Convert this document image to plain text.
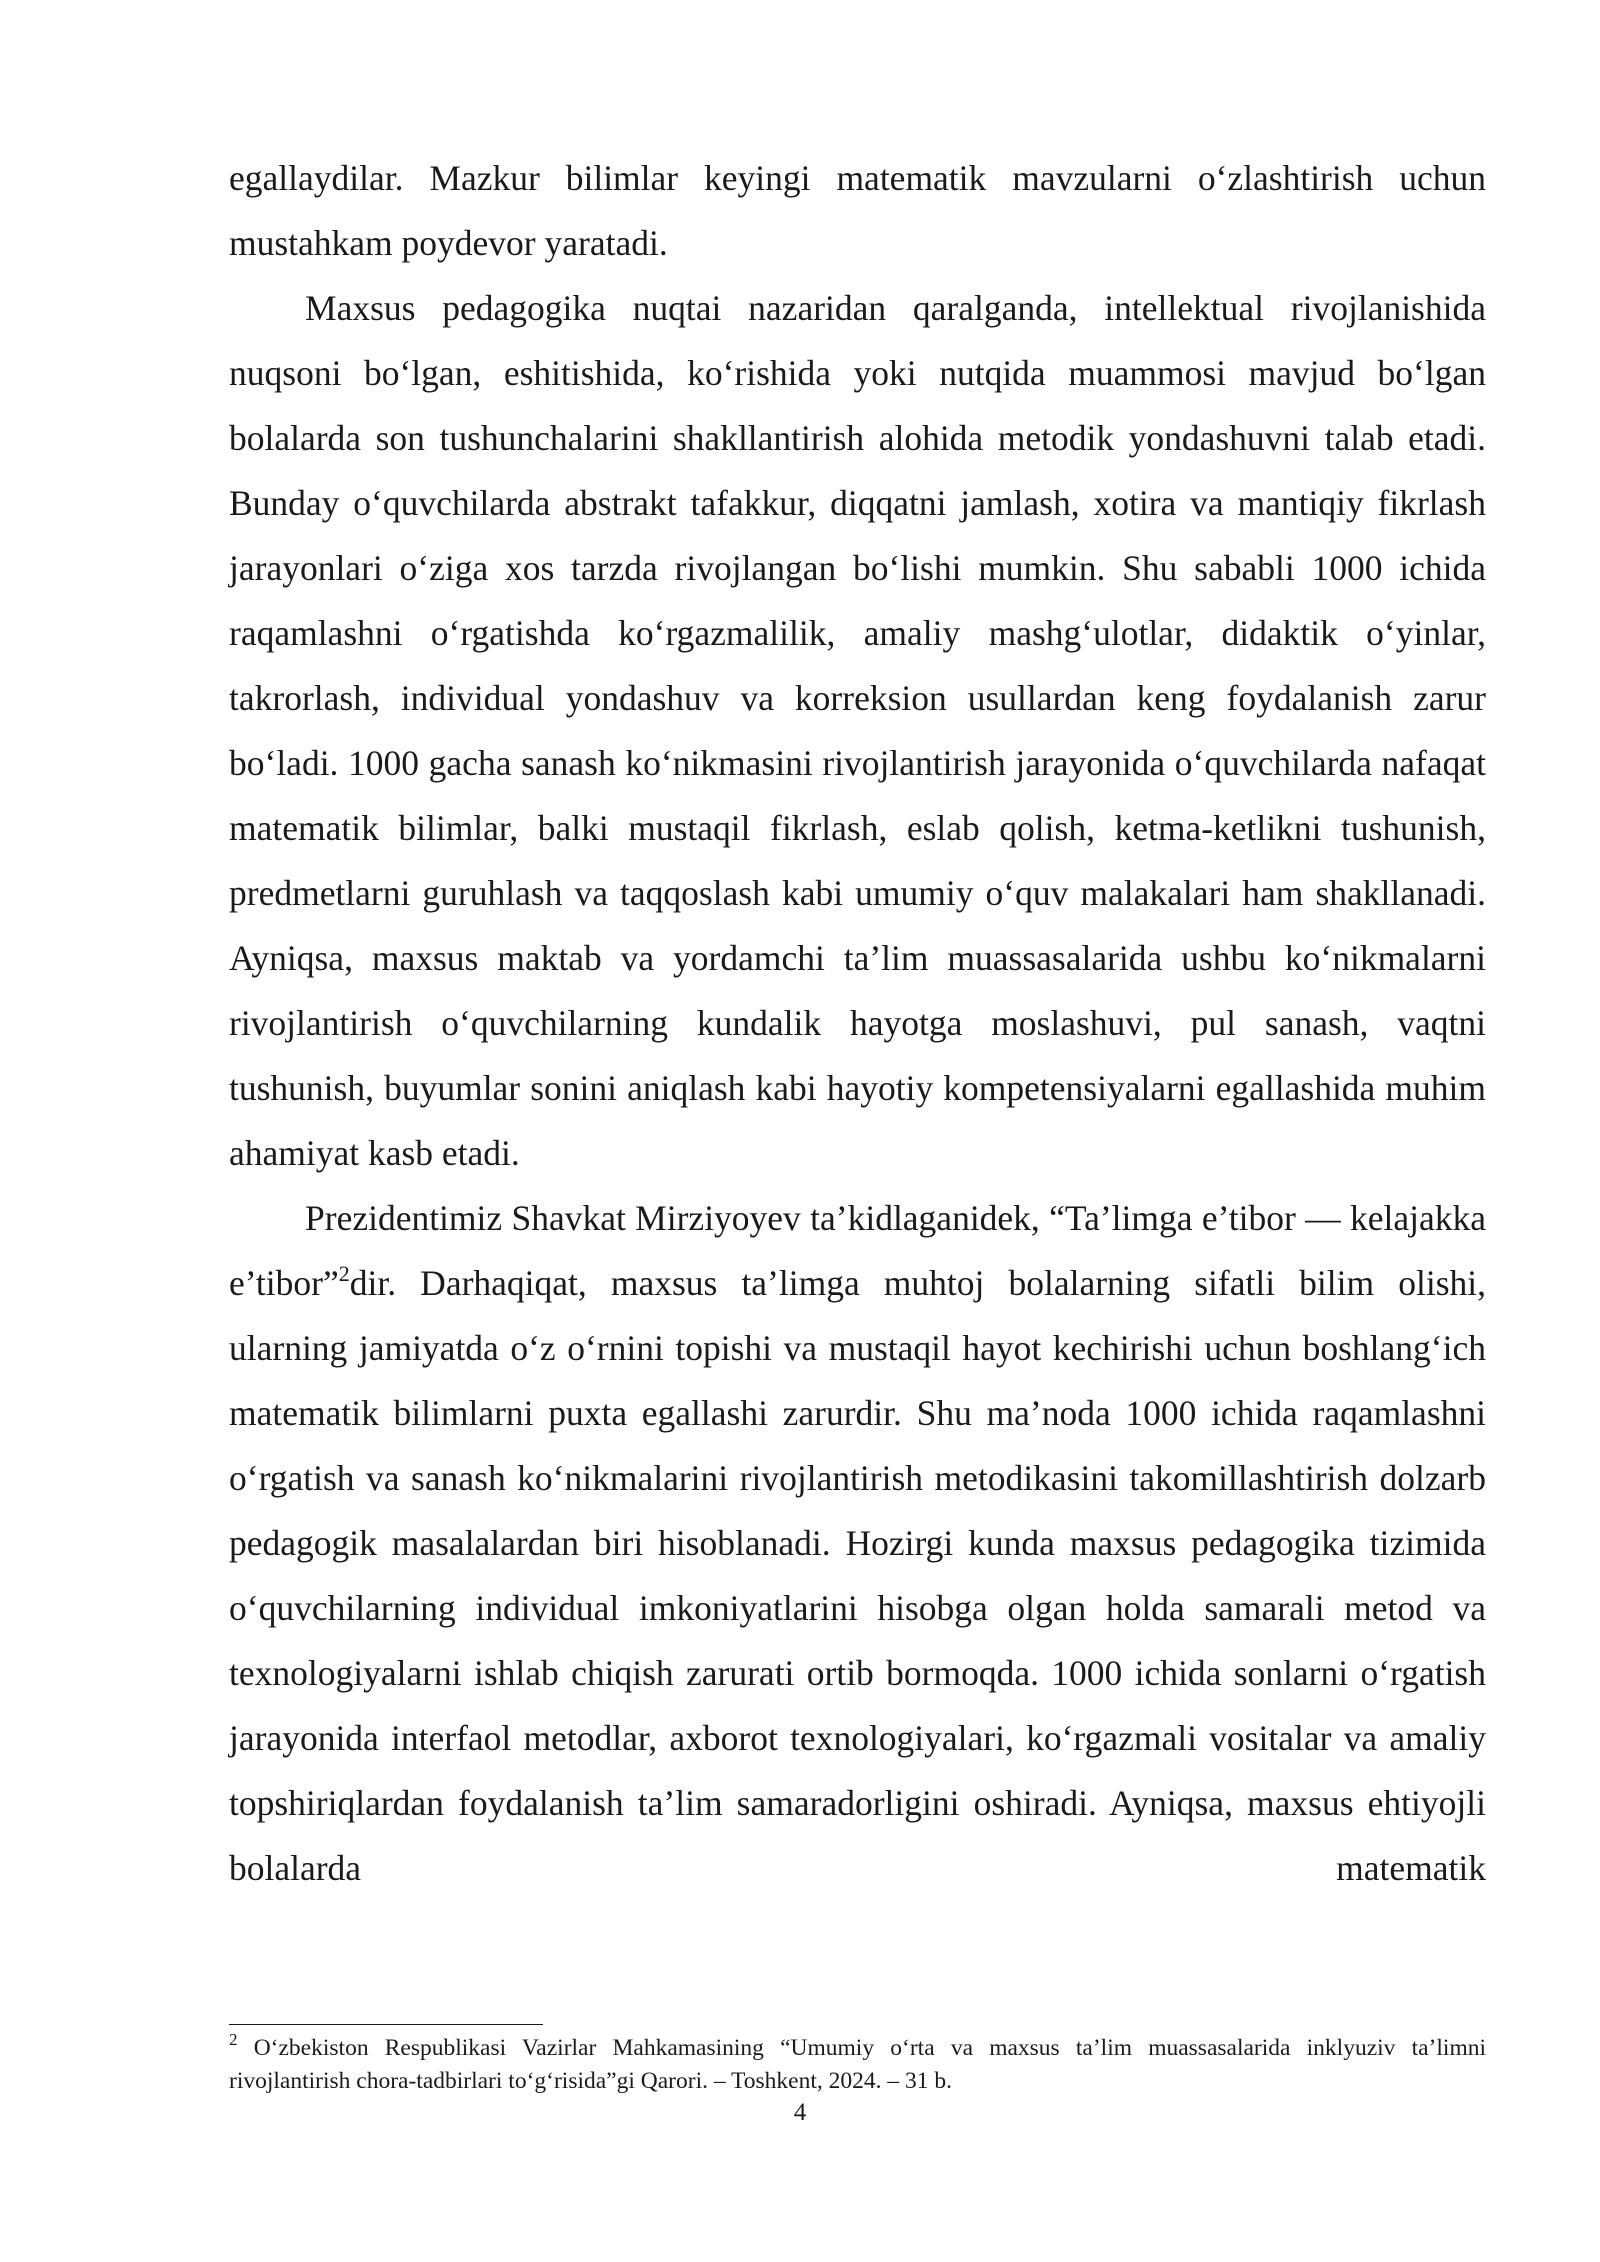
egallaydilar. Mazkur bilimlar keyingi matematik mavzularni o‘zlashtirish uchun mustahkam poydevor yaratadi.

Maxsus pedagogika nuqtai nazaridan qaralganda, intellektual rivojlanishida nuqsoni bo‘lgan, eshitishida, ko‘rishida yoki nutqida muammosi mavjud bo‘lgan bolalarda son tushunchalarini shakllantirish alohida metodik yondashuvni talab etadi. Bunday o‘quvchilarda abstrakt tafakkur, diqqatni jamlash, xotira va mantiqiy fikrlash jarayonlari o‘ziga xos tarzda rivojlangan bo‘lishi mumkin. Shu sababli 1000 ichida raqamlashni o‘rgatishda ko‘rgazmalilik, amaliy mashg‘ulotlar, didaktik o‘yinlar, takrorlash, individual yondashuv va korreksion usullardan keng foydalanish zarur bo‘ladi. 1000 gacha sanash ko‘nikmasini rivojlantirish jarayonida o‘quvchilarda nafaqat matematik bilimlar, balki mustaqil fikrlash, eslab qolish, ketma-ketlikni tushunish, predmetlarni guruhlash va taqqoslash kabi umumiy o‘quv malakalari ham shakllanadi. Ayniqsa, maxsus maktab va yordamchi ta’lim muassasalarida ushbu ko‘nikmalarni rivojlantirish o‘quvchilarning kundalik hayotga moslashuvi, pul sanash, vaqtni tushunish, buyumlar sonini aniqlash kabi hayotiy kompetensiyalarni egallashida muhim ahamiyat kasb etadi.

Prezidentimiz Shavkat Mirziyoyev ta’kidlaganidek, “Ta’limga e’tibor — kelajakka e’tibor”$^2$dir. Darhaqiqat, maxsus ta’limga muhtoj bolalarning sifatli bilim olishi, ularning jamiyatda o‘z o‘rnini topishi va mustaqil hayot kechirishi uchun boshlang‘ich matematik bilimlarni puxta egallashi zarurdir. Shu ma’noda 1000 ichida raqamlashni o‘rgatish va sanash ko‘nikmalarini rivojlantirish metodikasini takomillashtirish dolzarb pedagogik masalalardan biri hisoblanadi. Hozirgi kunda maxsus pedagogika tizimida o‘quvchilarning individual imkoniyatlarini hisobga olgan holda samarali metod va texnologiyalarni ishlab chiqish zarurati ortib bormoqda. 1000 ichida sonlarni o‘rgatish jarayonida interfaol metodlar, axborot texnologiyalari, ko‘rgazmali vositalar va amaliy topshiriqlardan foydalanish ta’lim samaradorligini oshiradi. Ayniqsa, maxsus ehtiyojli bolalarda matematik

$^2$ O‘zbekiston Respublikasi Vazirlar Mahkamasining “Umumiy o‘rta va maxsus ta’lim muassasalarida inklyuziv ta’limni rivojlantirish chora-tadbirlari to‘g‘risida”gi Qarori. – Toshkent, 2024. – 31 b.

4
